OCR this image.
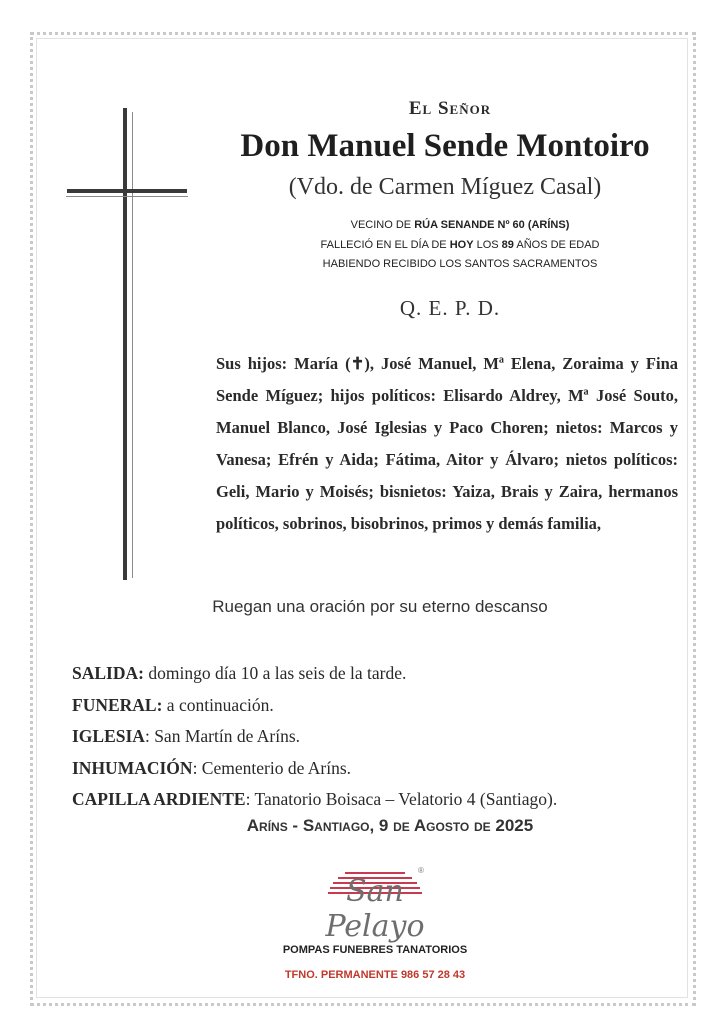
El Señor
Don Manuel Sende Montoiro
(Vdo. de Carmen Míguez Casal)
VECINO DE RÚA SENANDE Nº 60 (ARÍNS)
FALLECIÓ EN EL DÍA DE HOY LOS 89 AÑOS DE EDAD
HABIENDO RECIBIDO LOS SANTOS SACRAMENTOS
Q. E. P. D.
Sus hijos: María (✝), José Manuel, Mª Elena, Zoraima y Fina Sende Míguez; hijos políticos: Elisardo Aldrey, Mª José Souto, Manuel Blanco, José Iglesias y Paco Choren; nietos: Marcos y Vanesa; Efrén y Aida; Fátima, Aitor y Álvaro; nietos políticos: Geli, Mario y Moisés; bisnietos: Yaiza, Brais y Zaira, hermanos políticos, sobrinos, bisobrinos, primos y demás familia,
Ruegan una oración por su eterno descanso
SALIDA: domingo día 10 a las seis de la tarde.
FUNERAL: a continuación.
IGLESIA: San Martín de Aríns.
INHUMACIÓN: Cementerio de Aríns.
CAPILLA ARDIENTE: Tanatorio Boisaca – Velatorio 4 (Santiago).
Aríns - Santiago, 9 de Agosto de 2025
San Pelayo
®
POMPAS FUNEBRES TANATORIOS
TFNO. PERMANENTE 986 57 28 43
